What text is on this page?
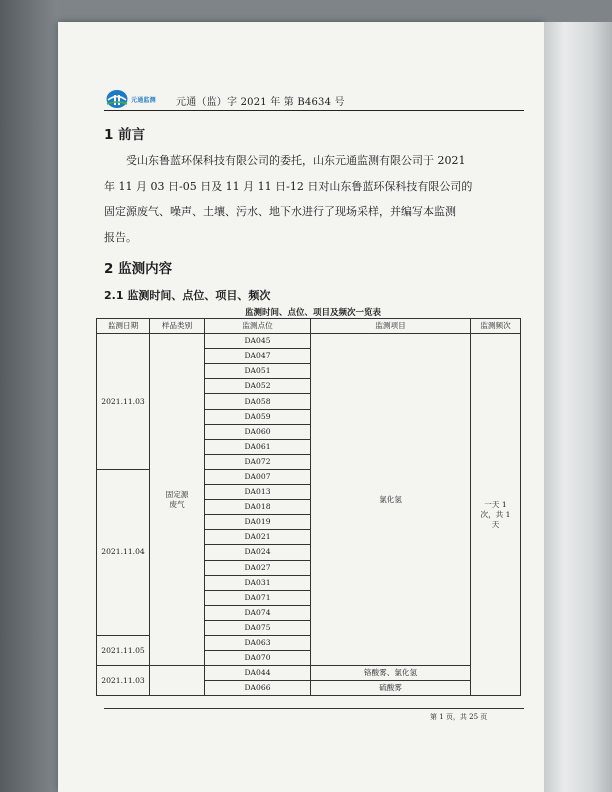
元通监测 元通（监）字 2021 年 第 B4634 号
1 前言
受山东鲁蓝环保科技有限公司的委托，山东元通监测有限公司于 2021
年 11 月 03 日-05 日及 11 月 11 日-12 日对山东鲁蓝环保科技有限公司的
固定源废气、噪声、土壤、污水、地下水进行了现场采样，并编写本监测
报告。
2 监测内容
2.1 监测时间、点位、项目、频次
监测时间、点位、项目及频次一览表
监测日期	样品类别	监测点位	监测项目	监测频次
2021.11.03	固定源废气	DA045	氯化氢	一天 1 次，共 1 天
		DA047		
		DA051		
		DA052		
		DA058		
		DA059		
		DA060		
		DA061		
		DA072		
2021.11.04		DA007		
		DA013		
		DA018		
		DA019		
		DA021		
		DA024		
		DA027		
		DA031		
		DA071		
		DA074		
		DA075		
2021.11.05		DA063		
		DA070		
2021.11.03		DA044	铬酸雾、氯化氢	
		DA066	硫酸雾	
第 1 页，共 25 页
